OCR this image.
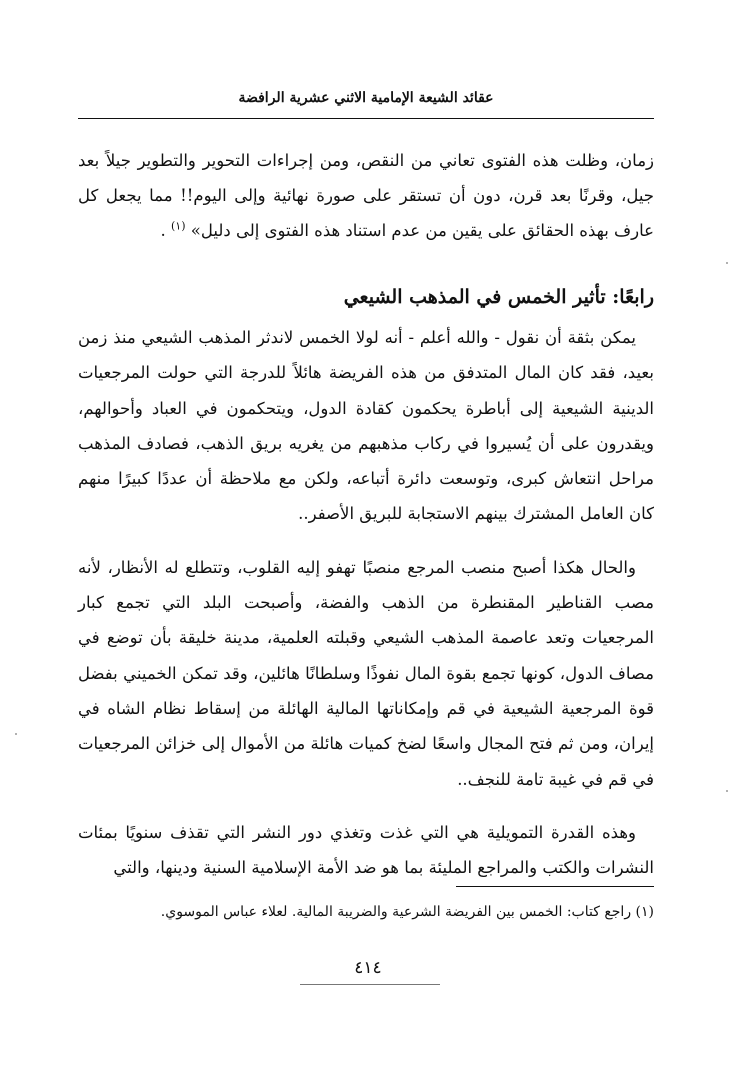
عقائد الشيعة الإمامية الاثني عشرية الرافضة

زمان، وظلت هذه الفتوى تعاني من النقص، ومن إجراءات التحوير والتطوير جيلاً بعد جيل، وقرنًا بعد قرن، دون أن تستقر على صورة نهائية وإلى اليوم!! مما يجعل كل عارف بهذه الحقائق على يقين من عدم استناد هذه الفتوى إلى دليل» $^{(١)}$ .

رابعًا: تأثير الخمس في المذهب الشيعي

يمكن بثقة أن نقول - والله أعلم - أنه لولا الخمس لاندثر المذهب الشيعي منذ زمن بعيد، فقد كان المال المتدفق من هذه الفريضة هائلاً للدرجة التي حولت المرجعيات الدينية الشيعية إلى أباطرة يحكمون كقادة الدول، ويتحكمون في العباد وأحوالهم، ويقدرون على أن يُسيروا في ركاب مذهبهم من يغريه بريق الذهب، فصادف المذهب مراحل انتعاش كبرى، وتوسعت دائرة أتباعه، ولكن مع ملاحظة أن عددًا كبيرًا منهم كان العامل المشترك بينهم الاستجابة للبريق الأصفر..

والحال هكذا أصبح منصب المرجع منصبًا تهفو إليه القلوب، وتتطلع له الأنظار، لأنه مصب القناطير المقنطرة من الذهب والفضة، وأصبحت البلد التي تجمع كبار المرجعيات وتعد عاصمة المذهب الشيعي وقبلته العلمية، مدينة خليقة بأن توضع في مصاف الدول، كونها تجمع بقوة المال نفوذًا وسلطانًا هائلين، وقد تمكن الخميني بفضل قوة المرجعية الشيعية في قم وإمكاناتها المالية الهائلة من إسقاط نظام الشاه في إيران، ومن ثم فتح المجال واسعًا لضخ كميات هائلة من الأموال إلى خزائن المرجعيات في قم في غيبة تامة للنجف..

وهذه القدرة التمويلية هي التي غذت وتغذي دور النشر التي تقذف سنويًا بمئات النشرات والكتب والمراجع المليئة بما هو ضد الأمة الإسلامية السنية ودينها، والتي

(١) راجع كتاب: الخمس بين الفريضة الشرعية والضريبة المالية. لعلاء عباس الموسوي.
٤١٤
